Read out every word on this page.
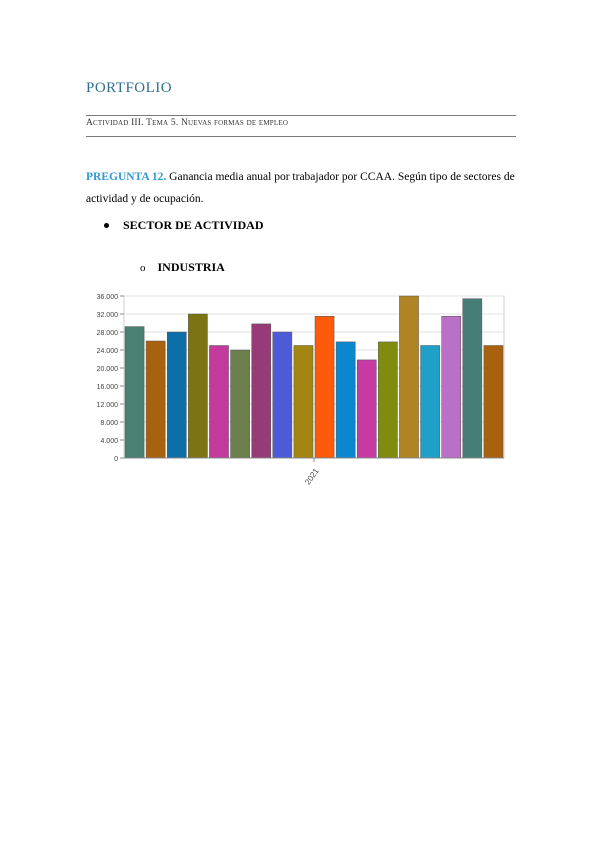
PORTFOLIO
Actividad III. Tema 5. Nuevas formas de empleo
PREGUNTA 12. Ganancia media anual por trabajador por CCAA. Según tipo de sectores de actividad y de ocupación.
SECTOR DE ACTIVIDAD
o INDUSTRIA
0
4.000
8.000
12.000
16.000
20.000
24.000
28.000
32.000
36.000
2021
